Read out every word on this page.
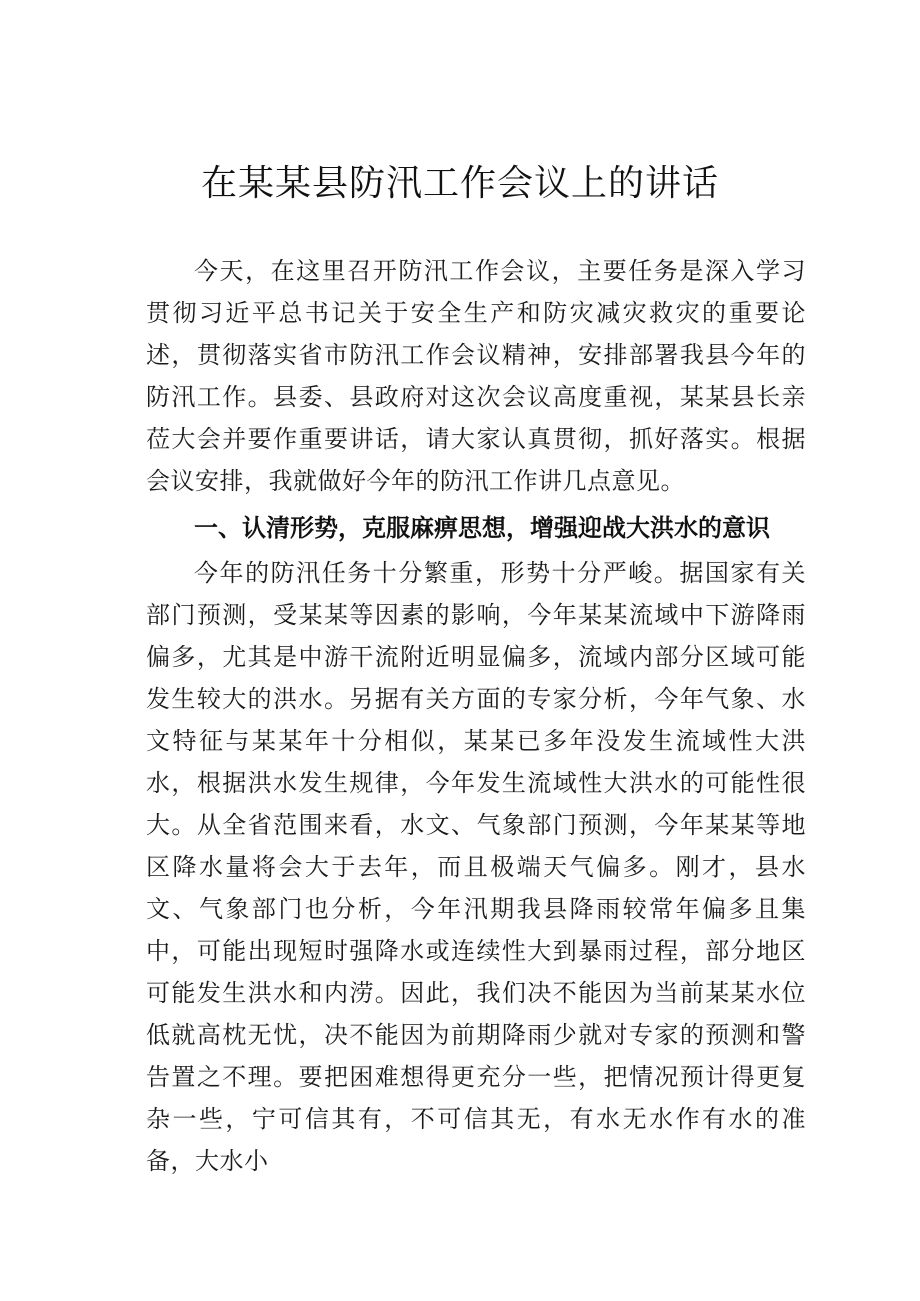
在某某县防汛工作会议上的讲话

今天，在这里召开防汛工作会议，主要任务是深入学习贯彻习近平总书记关于安全生产和防灾减灾救灾的重要论述，贯彻落实省市防汛工作会议精神，安排部署我县今年的防汛工作。县委、县政府对这次会议高度重视，某某县长亲莅大会并要作重要讲话，请大家认真贯彻，抓好落实。根据会议安排，我就做好今年的防汛工作讲几点意见。

一、认清形势，克服麻痹思想，增强迎战大洪水的意识

今年的防汛任务十分繁重，形势十分严峻。据国家有关部门预测，受某某等因素的影响，今年某某流域中下游降雨偏多，尤其是中游干流附近明显偏多，流域内部分区域可能发生较大的洪水。另据有关方面的专家分析，今年气象、水文特征与某某年十分相似，某某已多年没发生流域性大洪水，根据洪水发生规律，今年发生流域性大洪水的可能性很大。从全省范围来看，水文、气象部门预测，今年某某等地区降水量将会大于去年，而且极端天气偏多。刚才，县水文、气象部门也分析，今年汛期我县降雨较常年偏多且集中，可能出现短时强降水或连续性大到暴雨过程，部分地区可能发生洪水和内涝。因此，我们决不能因为当前某某水位低就高枕无忧，决不能因为前期降雨少就对专家的预测和警告置之不理。要把困难想得更充分一些，把情况预计得更复杂一些，宁可信其有，不可信其无，有水无水作有水的准备，大水小
